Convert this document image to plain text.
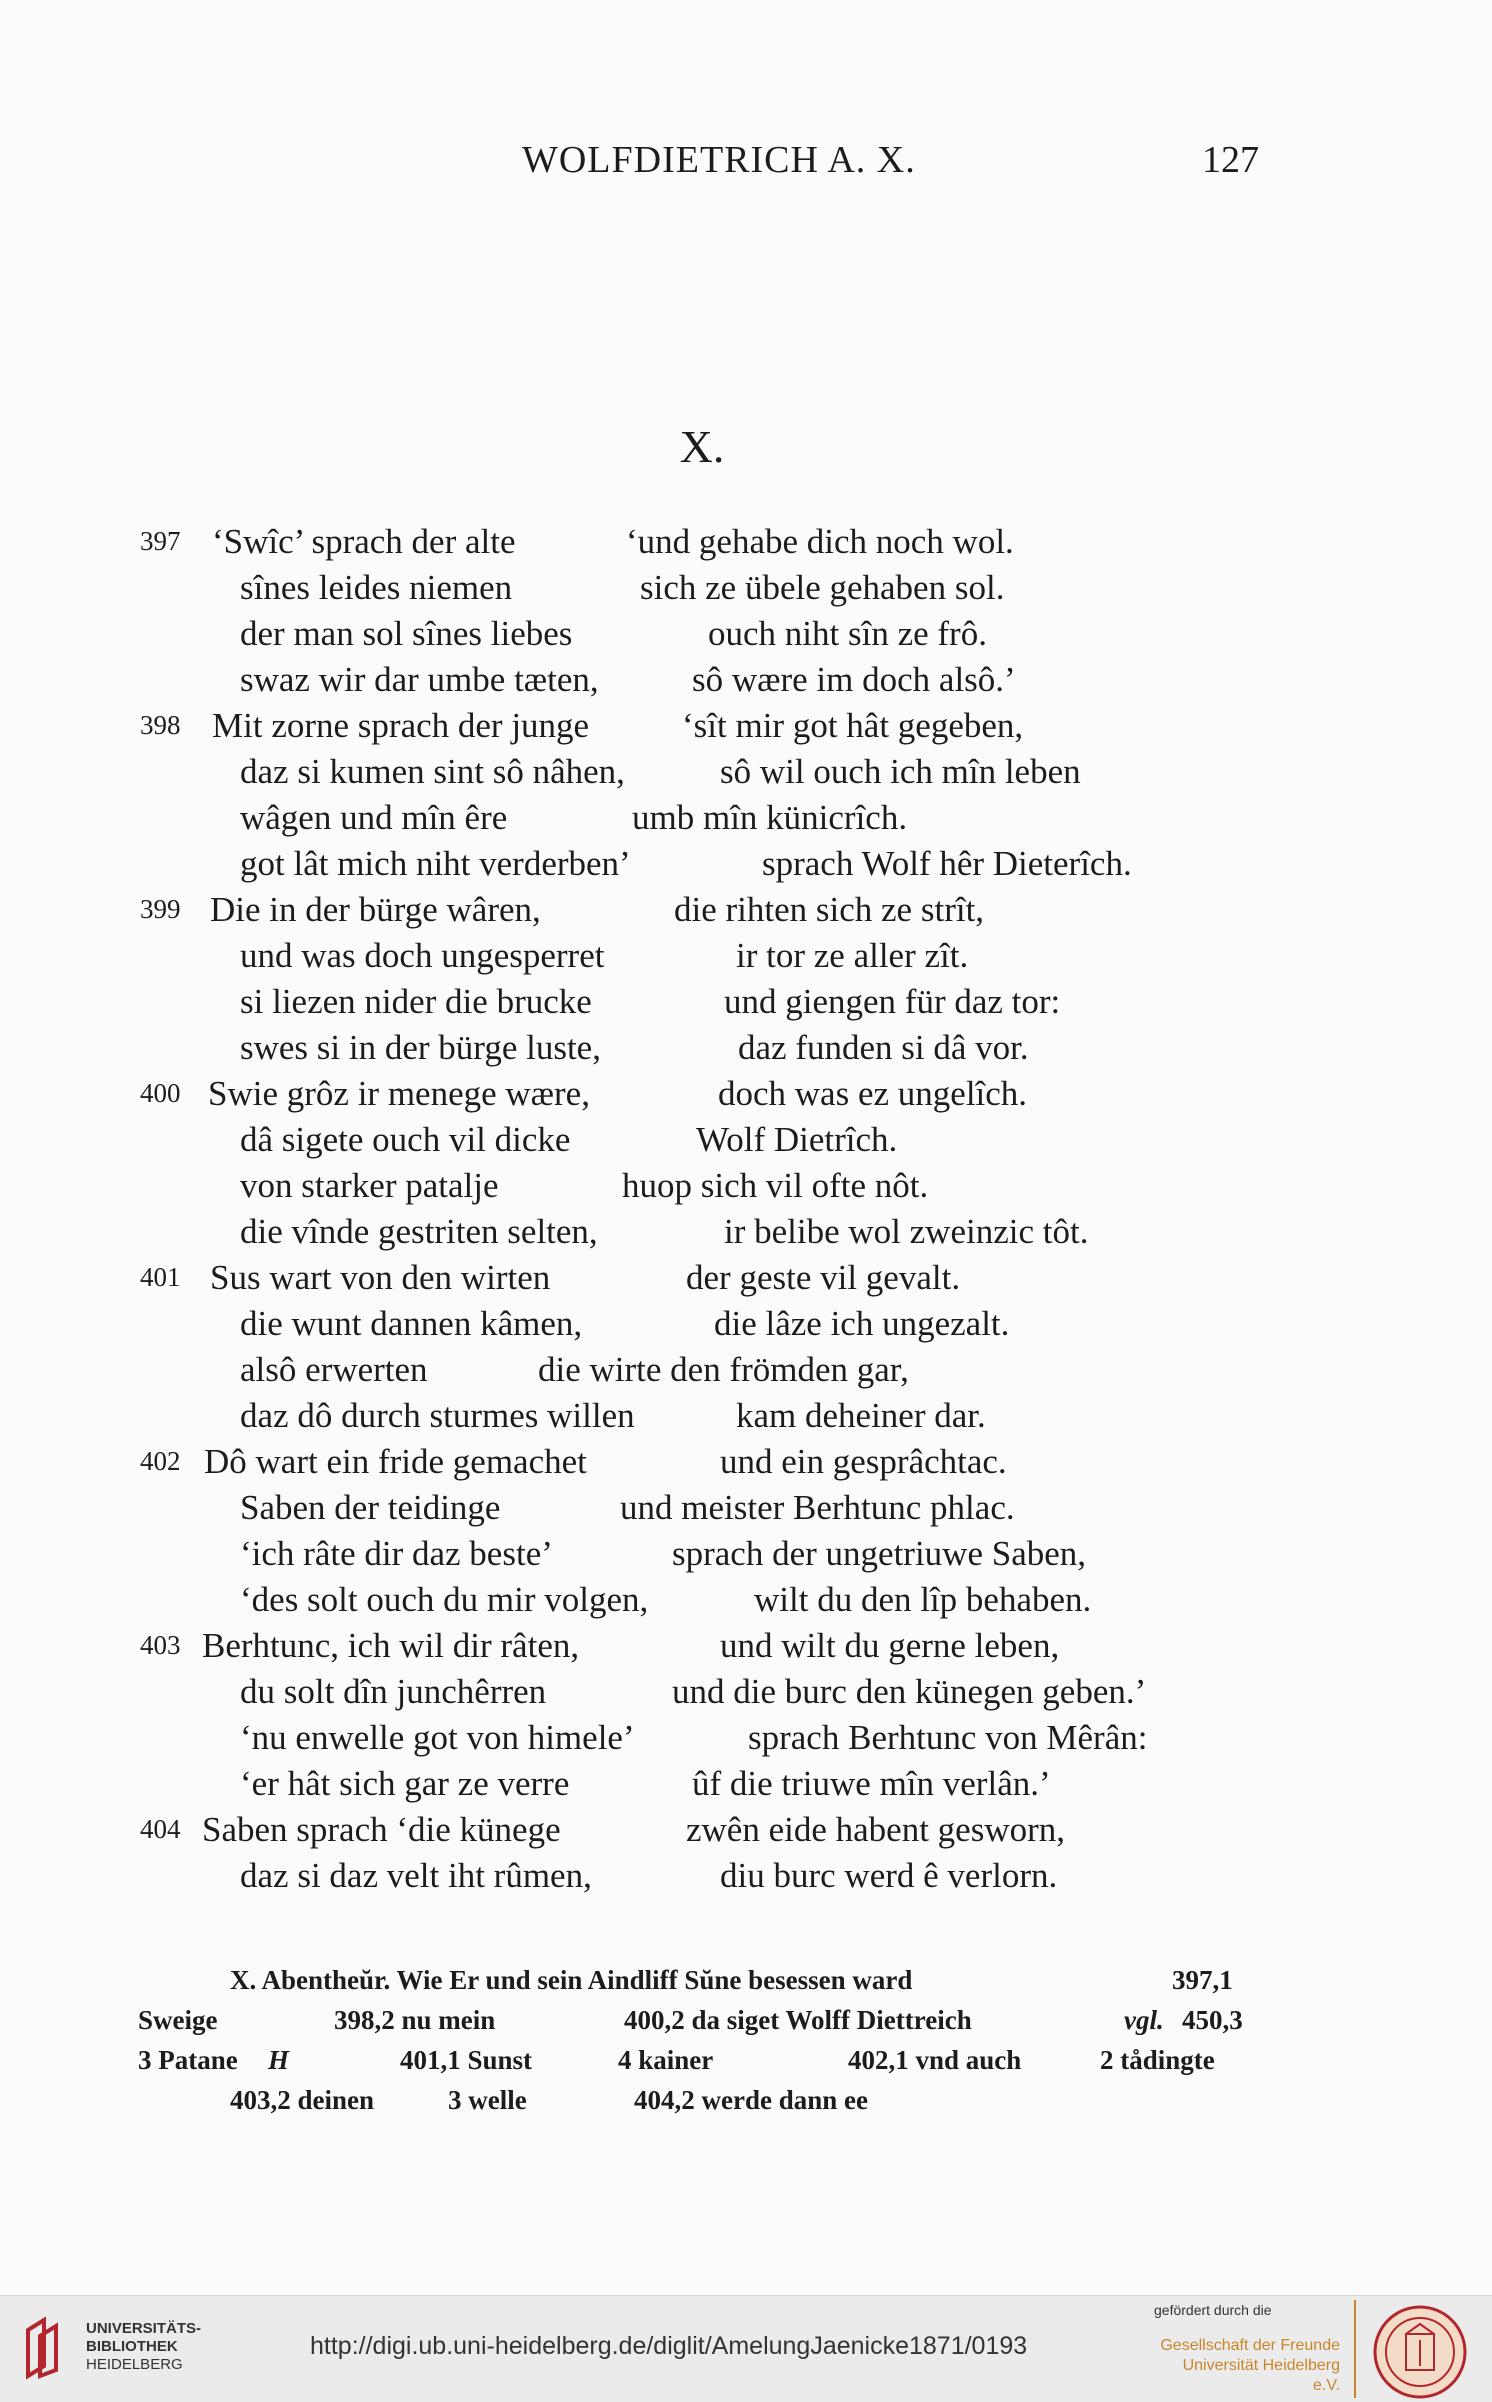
WOLFDIETRICH A. X.	127
X.
397 ‘Swîc’ sprach der alte	‘und gehabe dich noch wol.
sînes leides niemen	sich ze übele gehaben sol.
der man sol sînes liebes	ouch niht sîn ze frô.
swaz wir dar umbe tæten,	sô wære im doch alsô.’
398 Mit zorne sprach der junge	‘sît mir got hât gegeben,
daz si kumen sint sô nâhen,	sô wil ouch ich mîn leben
wâgen und mîn êre	umb mîn künicrîch.
got lât mich niht verderben’	sprach Wolf hêr Dieterîch.
399 Die in der bürge wâren,	die rihten sich ze strît,
und was doch ungesperret	ir tor ze aller zît.
si liezen nider die brucke	und giengen für daz tor:
swes si in der bürge luste,	daz funden si dâ vor.
400 Swie grôz ir menege wære,	doch was ez ungelîch.
dâ sigete ouch vil dicke	Wolf Dietrîch.
von starker patalje	huop sich vil ofte nôt.
die vînde gestriten selten,	ir belibe wol zweinzic tôt.
401 Sus wart von den wirten	der geste vil gevalt.
die wunt dannen kâmen,	die lâze ich ungezalt.
alsô erwerten	die wirte den frömden gar,
daz dô durch sturmes willen	kam deheiner dar.
402 Dô wart ein fride gemachet	und ein gesprâchtac.
Saben der teidinge	und meister Berhtunc phlac.
‘ich râte dir daz beste’	sprach der ungetriuwe Saben,
‘des solt ouch du mir volgen,	wilt du den lîp behaben.
403 Berhtunc, ich wil dir râten,	und wilt du gerne leben,
du solt dîn junchêrren	und die burc den künegen geben.’
‘nu enwelle got von himele’	sprach Berhtunc von Mêrân:
‘er hât sich gar ze verre	ûf die triuwe mîn verlân.’
404 Saben sprach ‘die künege	zwên eide habent gesworn,
daz si daz velt iht rûmen,	diu burc werd ê verlorn.
X. Abentheŭr. Wie Er und sein Aindliff Sŭne besessen ward	397,1
Sweige	398,2 nu mein	400,2 da siget Wolff Diettreich	vgl. 450,3
3 Patane H	401,1 Sunst	4 kainer	402,1 vnd auch	2 tådingte
403,2 deinen	3 welle	404,2 werde dann ee
UNIVERSITÄTS-
BIBLIOTHEK
HEIDELBERG
http://digi.ub.uni-heidelberg.de/diglit/AmelungJaenicke1871/0193
gefördert durch die
Gesellschaft der Freunde
Universität Heidelberg e.V.
